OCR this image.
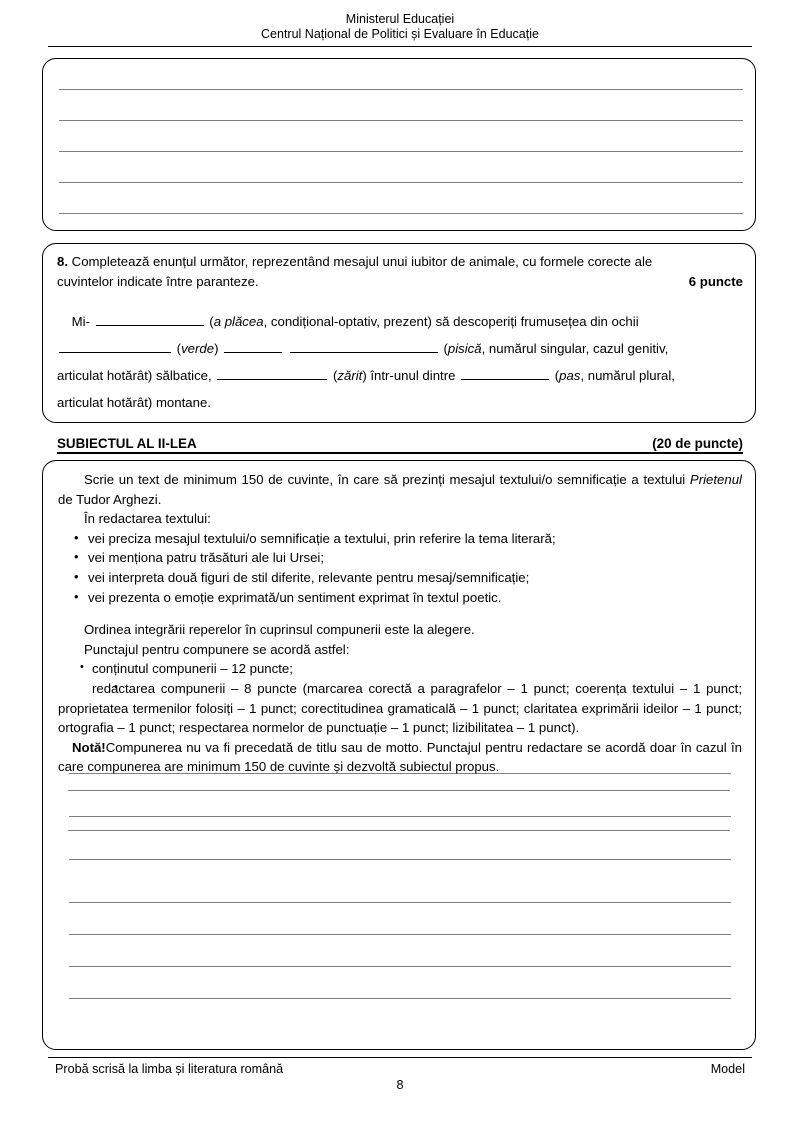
Ministerul Educației
Centrul Național de Politici și Evaluare în Educație
8. Completează enunțul următor, reprezentând mesajul unui iubitor de animale, cu formele corecte ale
cuvintelor indicate între paranteze.	6 puncte
Mi-	(a plăcea, condițional-optativ, prezent) să descoperiți frumusețea din ochii
(verde)	(pisică, numărul singular, cazul genitiv,
articulat hotărât) sălbatice,	(zărit) într-unul dintre	(pas, numărul plural,
articulat hotărât) montane.
SUBIECTUL AL II-LEA	(20 de puncte)

Scrie un text de minimum 150 de cuvinte, în care să prezinți mesajul textului/o semnificație a textului Prietenul de Tudor Arghezi.

În redactarea textului:

• vei preciza mesajul textului/o semnificație a textului, prin referire la tema literară;
• vei menționa patru trăsături ale lui Ursei;
• vei interpreta două figuri de stil diferite, relevante pentru mesaj/semnificație;
• vei prezenta o emoție exprimată/un sentiment exprimat în textul poetic.

Ordinea integrării reperelor în cuprinsul compunerii este la alegere.

Punctajul pentru compunere se acordă astfel:

• conținutul compunerii – 12 puncte;
• redactarea compunerii – 8 puncte (marcarea corectă a paragrafelor – 1 punct; coerența textului – 1 punct; proprietatea termenilor folosiți – 1 punct; corectitudinea gramaticală – 1 punct; claritatea exprimării ideilor – 1 punct; ortografia – 1 punct; respectarea normelor de punctuație – 1 punct; lizibilitatea – 1 punct).

Notă!Compunerea nu va fi precedată de titlu sau de motto. Punctajul pentru redactare se acordă doar în cazul în care compunerea are minimum 150 de cuvinte și dezvoltă subiectul propus.

Probă scrisă la limba și literatura română	Model
8
